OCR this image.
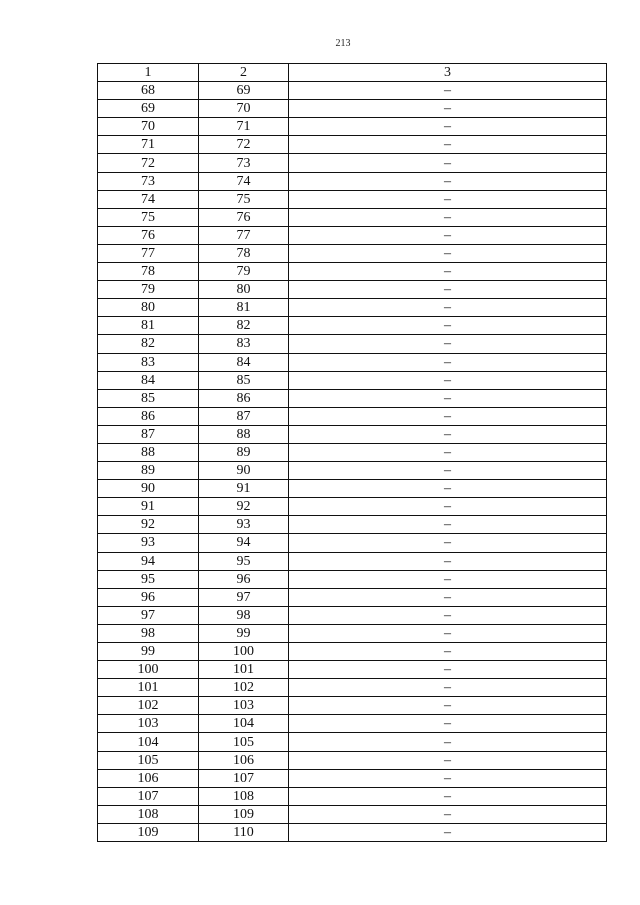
213
1	2	3
68	69	–
69	70	–
70	71	–
71	72	–
72	73	–
73	74	–
74	75	–
75	76	–
76	77	–
77	78	–
78	79	–
79	80	–
80	81	–
81	82	–
82	83	–
83	84	–
84	85	–
85	86	–
86	87	–
87	88	–
88	89	–
89	90	–
90	91	–
91	92	–
92	93	–
93	94	–
94	95	–
95	96	–
96	97	–
97	98	–
98	99	–
99	100	–
100	101	–
101	102	–
102	103	–
103	104	–
104	105	–
105	106	–
106	107	–
107	108	–
108	109	–
109	110	–
